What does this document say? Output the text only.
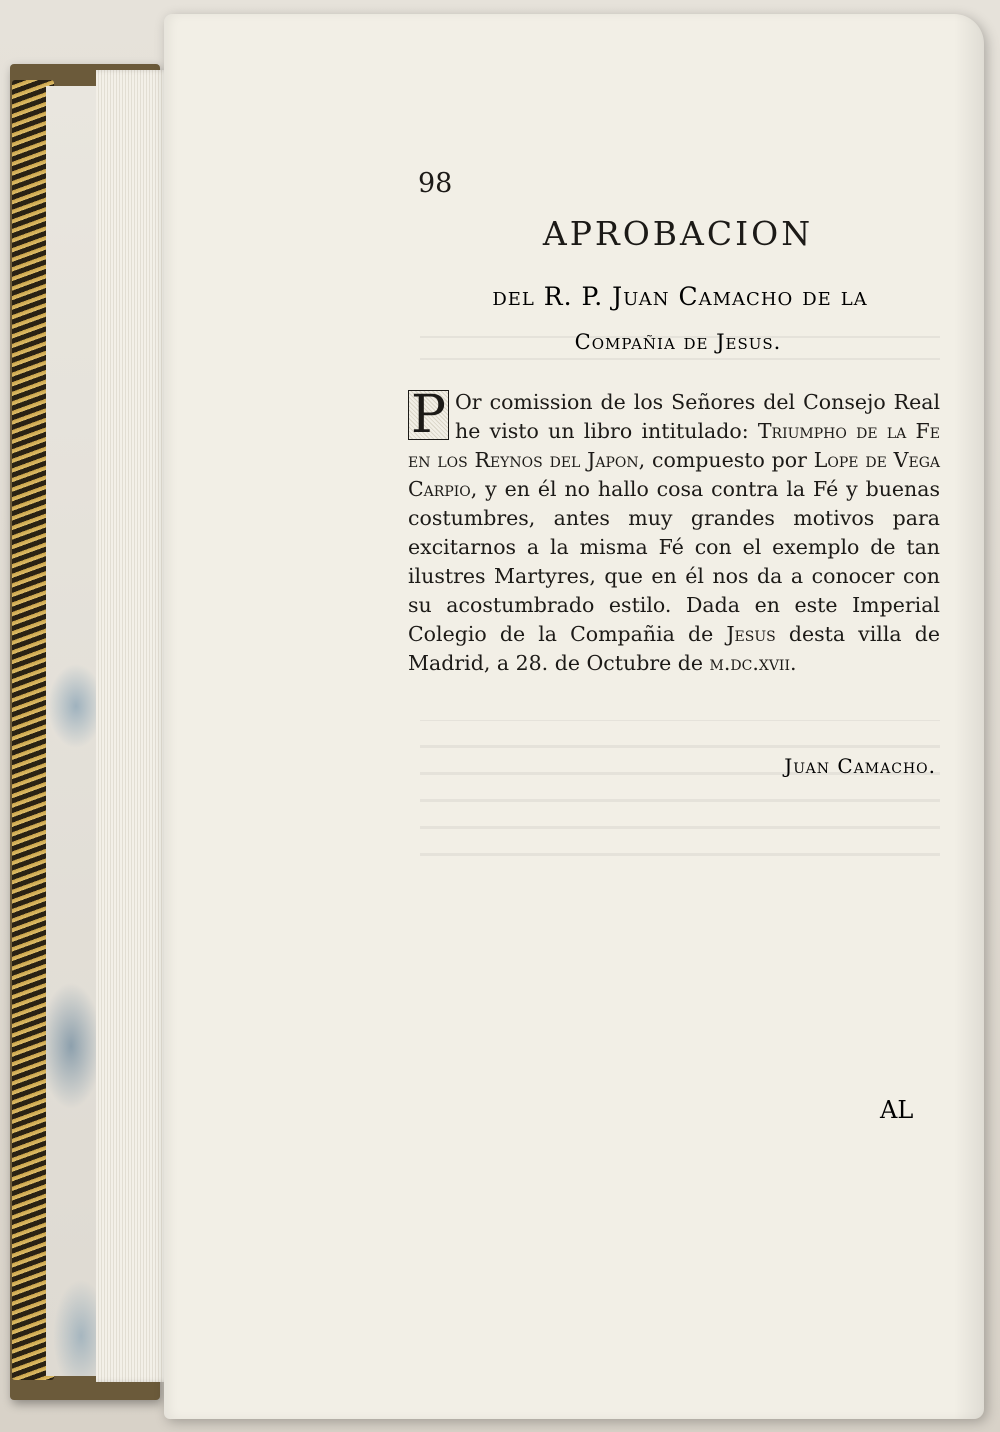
98
APROBACION
del R. P. Juan Camacho de la
Compañia de Jesus.
P Or comission de los Señores del Consejo Real he visto un libro intitulado: Triumpho de la Fe en los Reynos del Japon, compuesto por Lope de Vega Carpio, y en él no hallo cosa contra la Fé y buenas costumbres, antes muy grandes motivos para excitarnos a la misma Fé con el exemplo de tan ilustres Martyres, que en él nos da a conocer con su acostumbrado estilo. Dada en este Imperial Colegio de la Compañia de Jesus desta villa de Madrid, a 28. de Octubre de m.dc.xvii.
Juan Camacho.
AL
